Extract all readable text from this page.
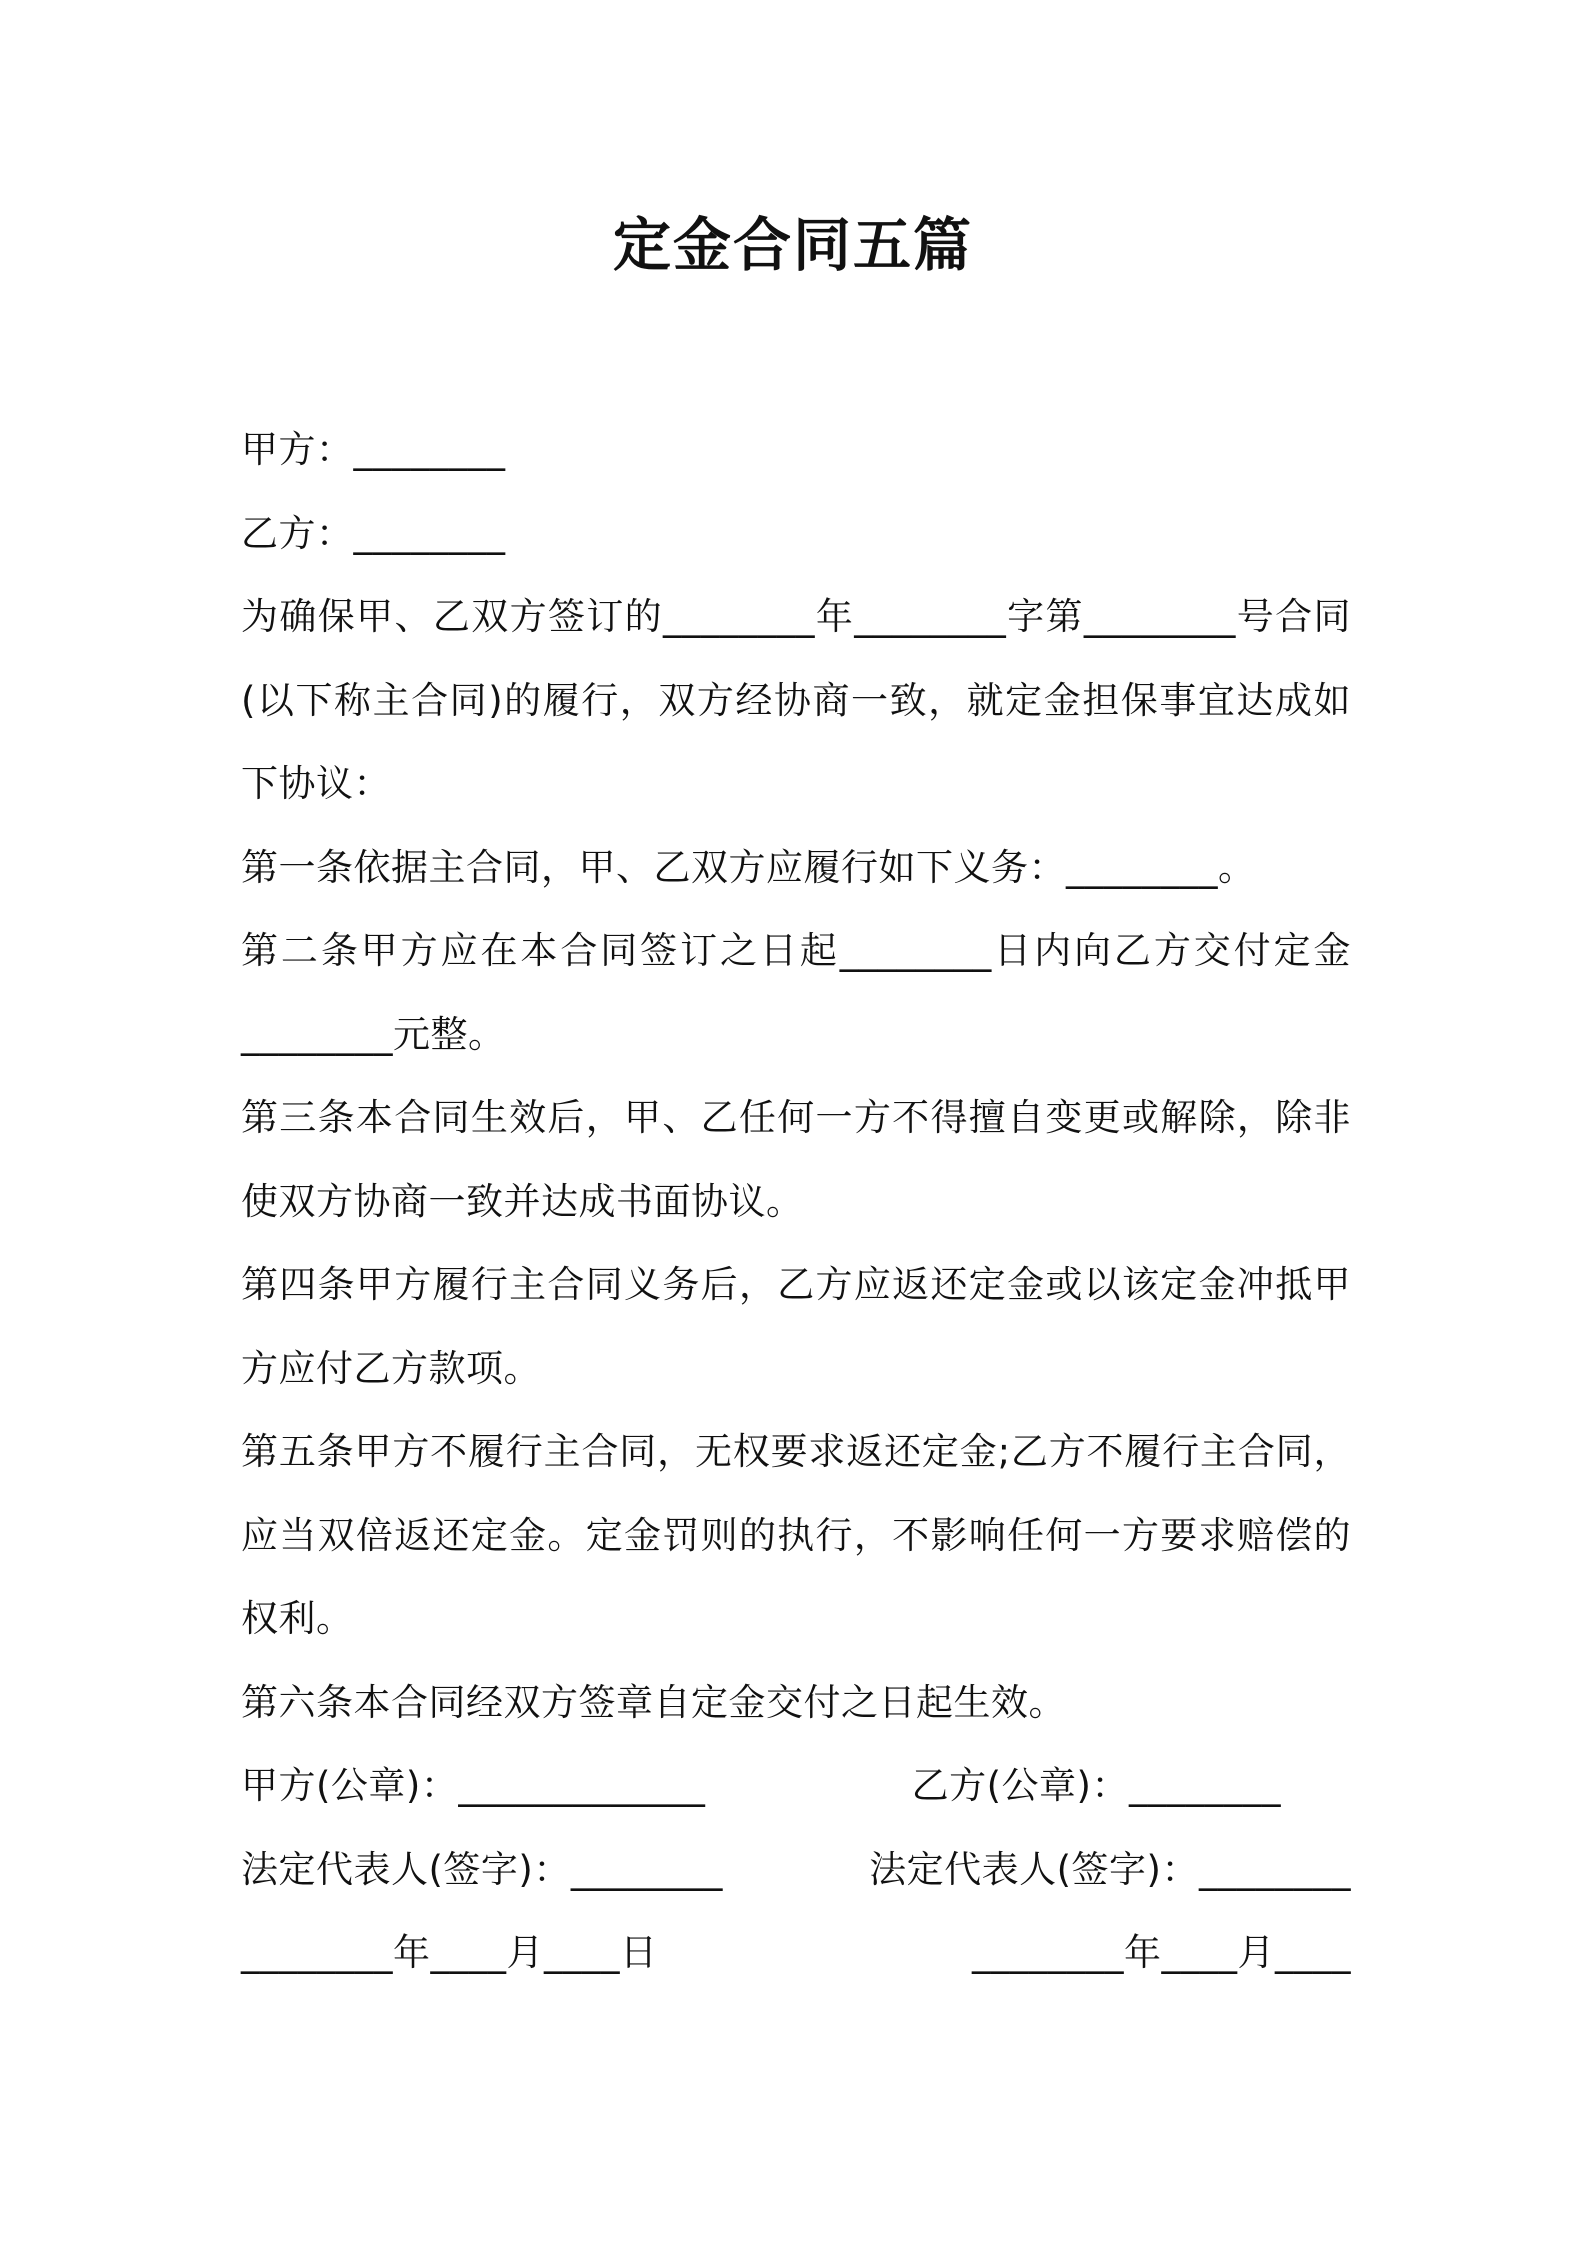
定金合同五篇

甲方：________

乙方：________

为确保甲、乙双方签订的________年________字第________号合同(以下称主合同)的履行，双方经协商一致，就定金担保事宜达成如下协议：

第一条依据主合同，甲、乙双方应履行如下义务：________。

第二条甲方应在本合同签订之日起________日内向乙方交付定金________元整。

第三条本合同生效后，甲、乙任何一方不得擅自变更或解除，除非使双方协商一致并达成书面协议。

第四条甲方履行主合同义务后，乙方应返还定金或以该定金冲抵甲方应付乙方款项。

第五条甲方不履行主合同，无权要求返还定金;乙方不履行主合同，应当双倍返还定金。定金罚则的执行，不影响任何一方要求赔偿的权利。

第六条本合同经双方签章自定金交付之日起生效。

甲方(公章)：_____________	乙方(公章)：________
法定代表人(签字)：________	法定代表人(签字)：________
________年____月____日	________年____月____
